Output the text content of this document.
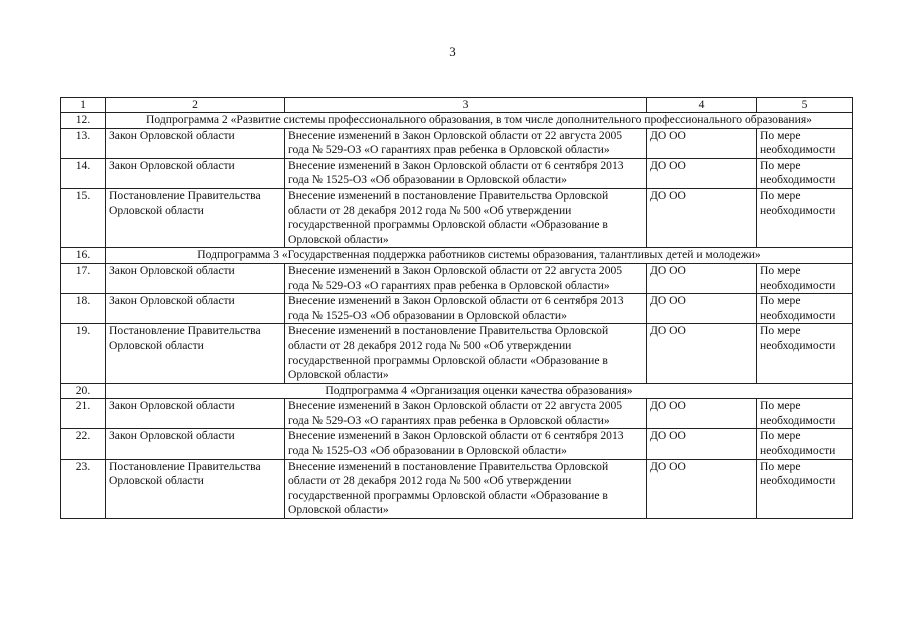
3
1	2	3	4	5
12.	Подпрограмма 2 «Развитие системы профессионального образования, в том числе дополнительного профессионального образования»			
13.	Закон Орловской области	Внесение изменений в Закон Орловской области от 22 августа 2005 года № 529-ОЗ «О гарантиях прав ребенка в Орловской области»	ДО ОО	По мере необходимости
14.	Закон Орловской области	Внесение изменений в Закон Орловской области от 6 сентября 2013 года № 1525-ОЗ «Об образовании в Орловской области»	ДО ОО	По мере необходимости
15.	Постановление Правительства Орловской области	Внесение изменений в постановление Правительства Орловской области от 28 декабря 2012 года № 500 «Об утверждении государственной программы Орловской области «Образование в Орловской области»	ДО ОО	По мере необходимости
16.	Подпрограмма 3 «Государственная поддержка работников системы образования, талантливых детей и молодежи»			
17.	Закон Орловской области	Внесение изменений в Закон Орловской области от 22 августа 2005 года № 529-ОЗ «О гарантиях прав ребенка в Орловской области»	ДО ОО	По мере необходимости
18.	Закон Орловской области	Внесение изменений в Закон Орловской области от 6 сентября 2013 года № 1525-ОЗ «Об образовании в Орловской области»	ДО ОО	По мере необходимости
19.	Постановление Правительства Орловской области	Внесение изменений в постановление Правительства Орловской области от 28 декабря 2012 года № 500 «Об утверждении государственной программы Орловской области «Образование в Орловской области»	ДО ОО	По мере необходимости
20.	Подпрограмма 4 «Организация оценки качества образования»			
21.	Закон Орловской области	Внесение изменений в Закон Орловской области от 22 августа 2005 года № 529-ОЗ «О гарантиях прав ребенка в Орловской области»	ДО ОО	По мере необходимости
22.	Закон Орловской области	Внесение изменений в Закон Орловской области от 6 сентября 2013 года № 1525-ОЗ «Об образовании в Орловской области»	ДО ОО	По мере необходимости
23.	Постановление Правительства Орловской области	Внесение изменений в постановление Правительства Орловской области от 28 декабря 2012 года № 500 «Об утверждении государственной программы Орловской области «Образование в Орловской области»	ДО ОО	По мере необходимости
